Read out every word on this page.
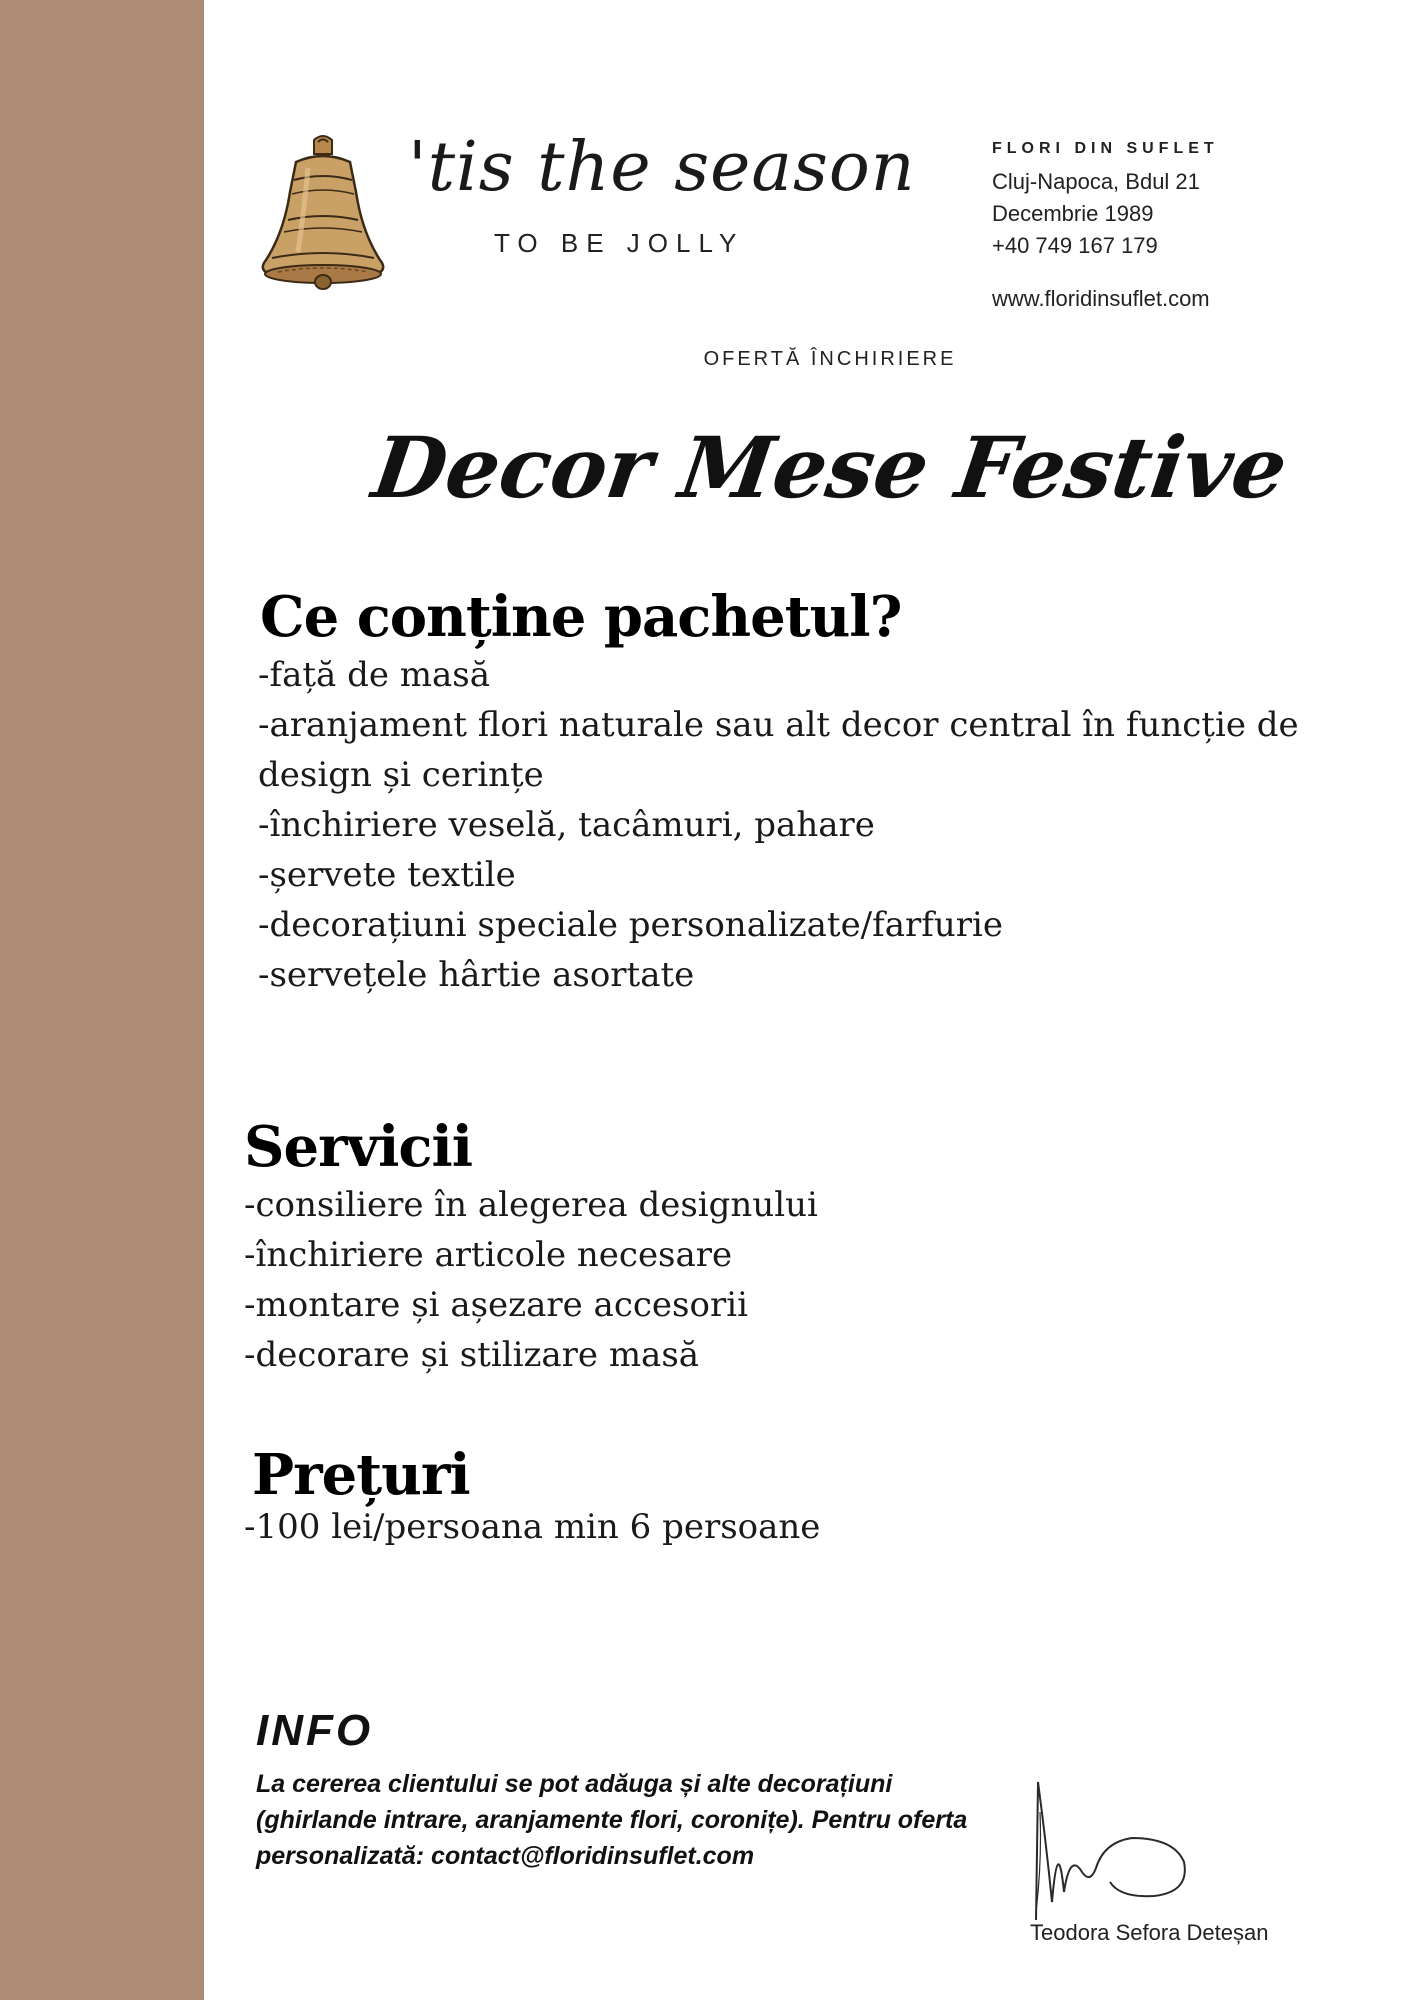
'tis the season
TO BE JOLLY
FLORI DIN SUFLET
Cluj-Napoca, Bdul 21
Decembrie 1989
+40 749 167 179
www.floridinsuflet.com
OFERTĂ ÎNCHIRIERE
Decor Mese Festive
Ce conține pachetul?
-față de masă
-aranjament flori naturale sau alt decor central în funcție de design și cerințe
-închiriere veselă, tacâmuri, pahare
-șervete textile
-decorațiuni speciale personalizate/farfurie
-servețele hârtie asortate
Servicii
-consiliere în alegerea designului
-închiriere articole necesare
-montare și așezare accesorii
-decorare și stilizare masă
Prețuri
-100 lei/persoana min 6 persoane
INFO
La cererea clientului se pot adăuga și alte decorațiuni (ghirlande intrare, aranjamente flori, coronițe). Pentru oferta personalizată: contact@floridinsuflet.com
Teodora Sefora Deteșan
